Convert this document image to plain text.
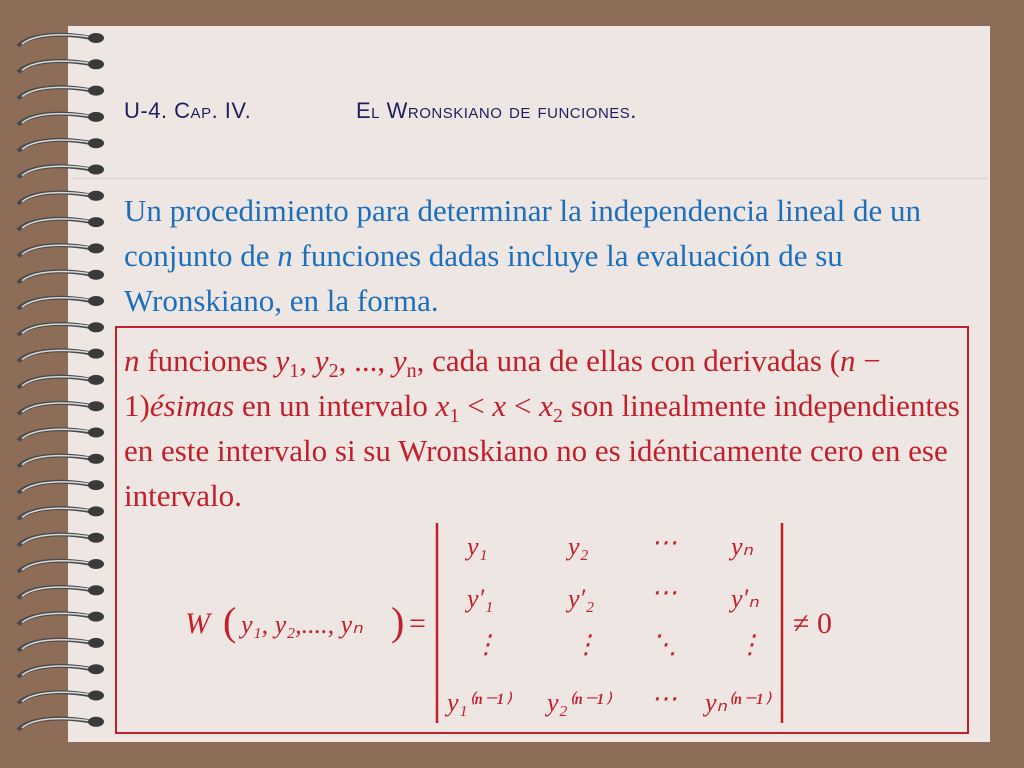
U-4. Cap. IV.	El Wronskiano de funciones.
Un procedimiento para determinar la independencia lineal de un conjunto de n funciones dadas incluye la evaluación de su Wronskiano, en la forma.
n funciones $y_1$, $y_2$, ..., $y_n$, cada una de ellas con derivadas (n − 1)ésimas en un intervalo $x_1 < x < x_2$ son linealmente independientes en este intervalo si su Wronskiano no es idénticamente cero en ese intervalo.
W ( y₁, y₂,...., yₙ ) =
y₁	y₂ ⋯ yₙ
y′₁	y′₂ ⋯ y′ₙ
⋮	⋮ ⋱ ⋮
y₁⁽ⁿ⁻¹⁾ y₂⁽ⁿ⁻¹⁾ ⋯ yₙ⁽ⁿ⁻¹⁾
≠ 0
